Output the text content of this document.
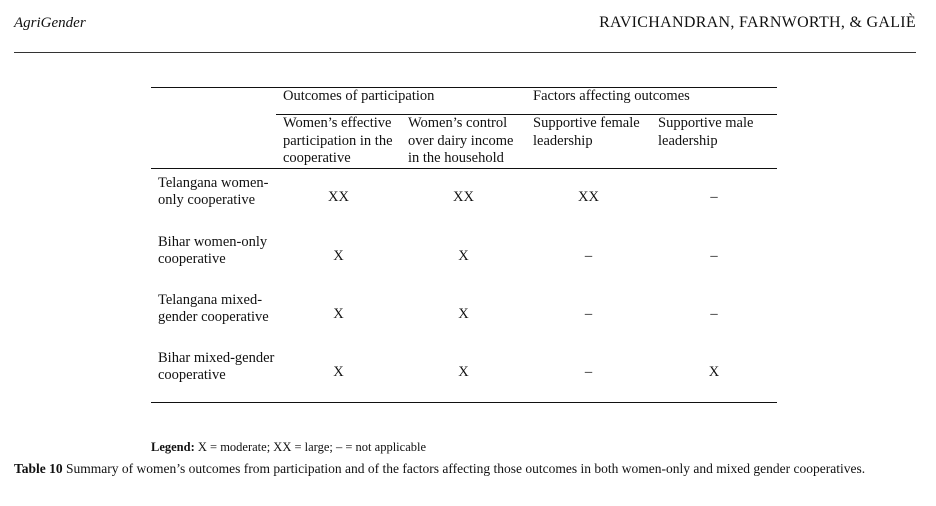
AgriGender	RAVICHANDRAN, FARNWORTH, & GALIÈ
	Outcomes of participation		Factors affecting outcomes	
	Women’s effective participation in the cooperative	Women’s control over dairy income in the household	Supportive female leadership	Supportive male leadership
Telangana women-only cooperative	XX	XX	XX	–
Bihar women-only cooperative	X	X	–	–
Telangana mixed-gender cooperative	X	X	–	–
Bihar mixed-gender cooperative	X	X	–	X
Legend: X = moderate; XX = large; – = not applicable
Table 10 Summary of women’s outcomes from participation and of the factors affecting those outcomes in both women-only and mixed gender cooperatives.
